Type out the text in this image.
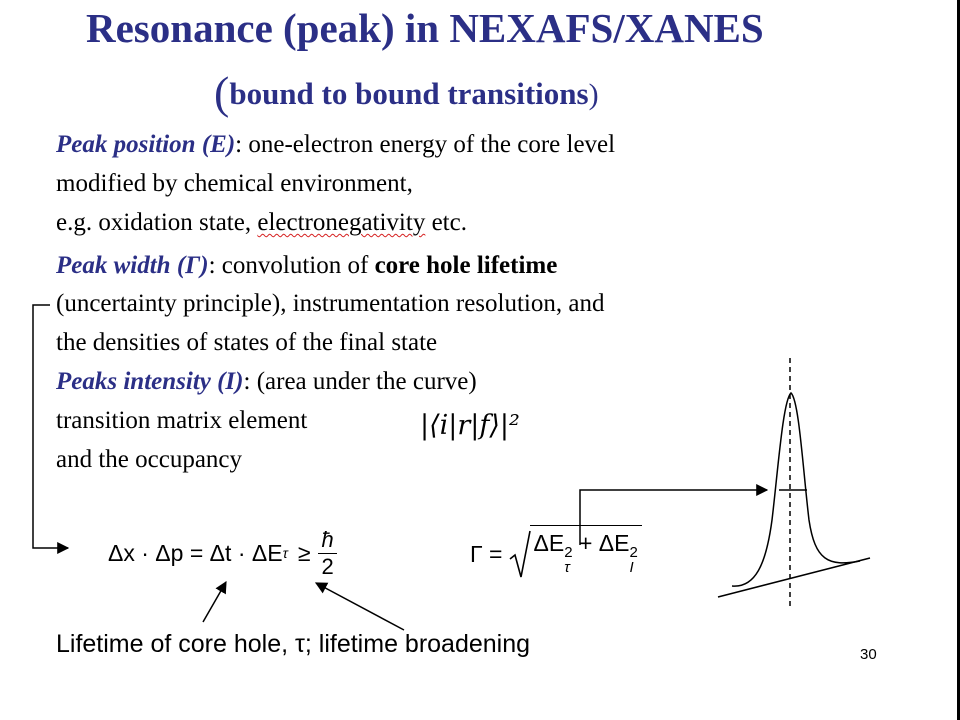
Resonance (peak) in NEXAFS/XANES
(bound to bound transitions)
Peak position (E): one-electron energy of the core level
modified by chemical environment,
e.g. oxidation state, electronegativity etc.
Peak width (Γ): convolution of core hole lifetime
(uncertainty principle), instrumentation resolution, and
the densities of states of the final state
Peaks intensity (I): (area under the curve)
transition matrix element
and the occupancy
|⟨i|r|f⟩|²
Δx · Δp = Δt · ΔE $\tau \ge \frac{ħ}{2}$	Γ = ΔE 2
τ
+ ΔE 2
I
Lifetime of core hole, τ; lifetime broadening	30
